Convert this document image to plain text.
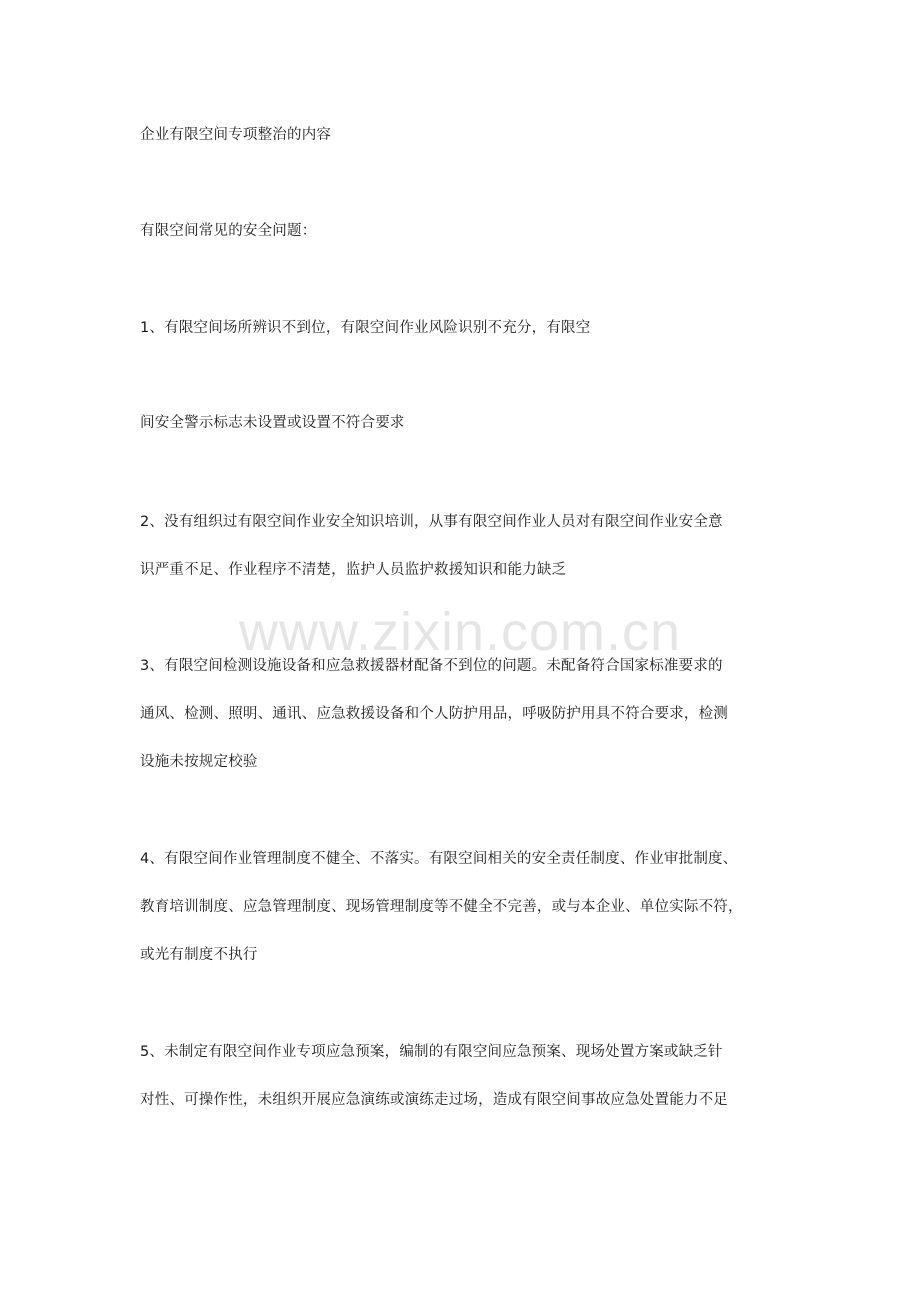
企业有限空间专项整治的内容
有限空间常见的安全问题：
1、有限空间场所辨识不到位，有限空间作业风险识别不充分，有限空
间安全警示标志未设置或设置不符合要求
2、没有组织过有限空间作业安全知识培训，从事有限空间作业人员对有限空间作业安全意
识严重不足、作业程序不清楚，监护人员监护救援知识和能力缺乏
3、有限空间检测设施设备和应急救援器材配备不到位的问题。未配备符合国家标准要求的
通风、检测、照明、通讯、应急救援设备和个人防护用品，呼吸防护用具不符合要求，检测
设施未按规定校验
4、有限空间作业管理制度不健全、不落实。有限空间相关的安全责任制度、作业审批制度、
教育培训制度、应急管理制度、现场管理制度等不健全不完善，或与本企业、单位实际不符，
或光有制度不执行
5、未制定有限空间作业专项应急预案，编制的有限空间应急预案、现场处置方案或缺乏针
对性、可操作性，未组织开展应急演练或演练走过场，造成有限空间事故应急处置能力不足
www.zixin.com.cn
